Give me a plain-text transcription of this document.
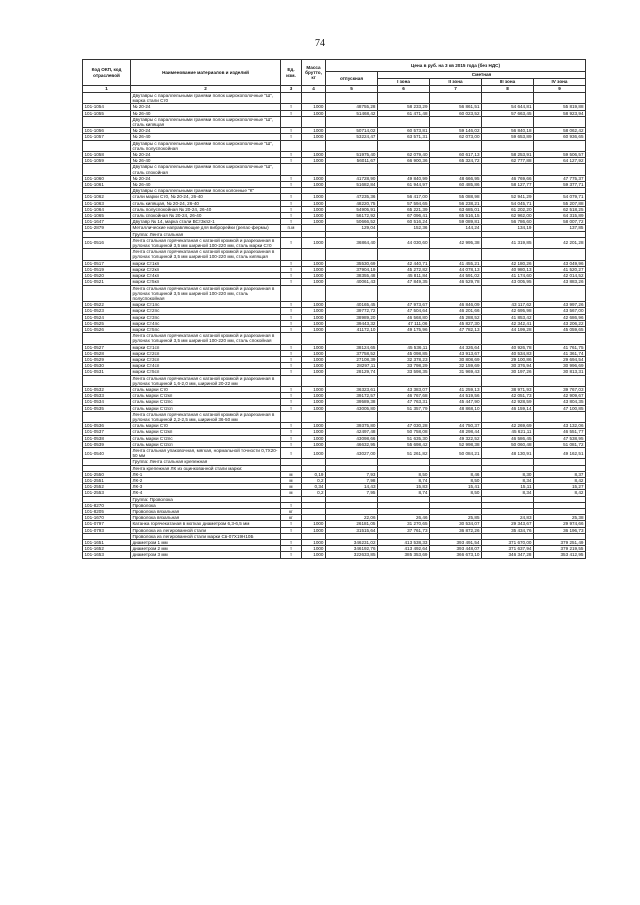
74
Код ОКП, код отраслевой	Наименование материалов и изделий	Ед. изм.	Масса брутто, кг	Цена в руб. на 3 кв 2015 года (без НДС)				
				отпускная	Сметная			
					I зона	II зона	III зона	IV зона
1	2	3	4	5	6	7	8	9
	Двутавры с параллельными гранями полок широкополочные "Ш", марка стали Ст0							
101-1054	№ 20-24	т	1000	48755,28	58 233,29	56 861,51	54 644,81	55 819,88
101-1055	№ 26-40	т	1000	51468,42	61 471,48	60 023,52	57 663,45	58 923,94
	Двутавры с параллельными гранями полок широкополочные "Ш", сталь кипящая							
101-1056	№ 20-24	т	1000	50714,02	60 573,81	59 146,02	56 840,18	58 062,42
101-1057	№ 26-40	т	1000	53224,47	63 571,31	62 073,00	59 653,89	60 936,65
	Двутавры с параллельными гранями полок широкополочные "Ш", сталь полуспокойная							
101-1058	№ 20-24	т	1000	51975,40	62 079,40	60 617,13	58 253,91	59 506,57
101-1059	№ 26-40	т	1000	56011,67	66 900,36	65 324,72	62 777,88	64 127,92
	Двутавры с параллельными гранями полок широкополочные "Ш", сталь спокойная							
101-1060	№ 20-24	т	1000	41728,90	49 840,99	48 666,95	46 769,66	47 775,37
101-1061	№ 26-40	т	1000	51682,84	61 944,97	60 485,86	58 127,77	59 377,71
	Двутавры с параллельными гранями полок колонные "К"							
101-1062	стали марки Ст0, № 20-24, 26-40	т	1000	47235,36	56 417,00	55 088,98	52 941,29	54 079,71
101-1063	сталь кипящая, № 20-24, 26-40	т	1000	48220,75	57 594,65	56 238,21	54 045,71	55 207,88
101-1064	сталь полуспокойная № 20-24, 26-40	т	1000	54905,91	65 221,39	63 685,01	61 202,20	62 518,25
101-1065	сталь спокойная № 20-24, 26-40	т	1000	56172,92	67 096,41	65 516,15	62 962,00	64 315,89
101-1647	Двутавр № 14, марка стали ВСт3кп2-1	т	1000	50666,52	60 516,24	59 089,81	56 786,60	58 007,72
101-2879	Металлические направляющие для виброрейки (релас-фермы)	п.м		129,04	152,36	144,24	134,19	137,85
	Группа: Лента стальная							
101-0516	Лента стальная горячекатаная с катаной кромкой и разрезанная в рулонах толщиной 3,5 мм шириной 100-220 мм, сталь марки Ст0	т	1000	36864,40	44 030,60	42 995,38	41 319,85	42 201,28
	Лента стальная горячекатаная с катаной кромкой и разрезанная в рулонах толщиной 3,5 мм шириной 100-220 мм, сталь кипящая							
101-0517	марки Ст1кп	т	1000	35530,69	42 440,71	41 455,21	42 180,26	43 049,96
101-0519	марки Ст2кп	т	1000	37904,19	45 272,82	44 078,13	40 980,13	41 520,27
101-0520	марки Ст4кп	т	1000	38355,48	45 811,84	44 591,02	41 174,60	42 014,52
101-0521	марки Ст5кп	т	1000	40061,43	47 849,35	46 529,78	43 005,95	43 883,26
	Лента стальная горячекатаная с катаной кромкой и разрезанная в рулонах толщиной 3,5 мм шириной 100-220 мм, сталь полуспокойная							
101-0522	марки Ст1пс	т	1000	40165,45	47 973,67	46 846,09	43 117,62	43 997,26
101-0523	марки Ст2пс	т	1000	39772,72	47 504,64	46 201,66	42 695,98	43 567,00
101-0524	марки Ст3пс	т	1000	38989,20	46 568,80	45 288,52	41 853,42	42 686,96
101-0525	марки Ст4пс	т	1000	39443,32	47 111,06	45 827,30	42 342,41	43 206,22
101-0526	марки Ст5пс	т	1000	41172,10	49 175,96	47 782,13	44 199,28	45 059,65
	Лента стальная горячекатаная с катаной кромкой и разрезанная в рулонах толщиной 3,5 мм шириной 100-220 мм, сталь спокойная							
101-0527	марки Ст1сп	т	1000	38124,65	45 536,11	44 326,64	40 926,78	41 761,75
101-0528	марки Ст2сп	т	1000	37758,52	45 098,85	43 913,67	40 534,83	41 361,74
101-0529	марки Ст3сп	т	1000	27108,39	32 378,23	30 808,69	29 100,86	29 694,54
101-0530	марки Ст4сп	т	1000	28297,11	33 798,29	32 159,69	30 376,94	30 996,69
101-0531	марки Ст5сп	т	1000	28129,74	33 598,35	31 969,43	30 197,26	30 813,31
	Лента стальная горячекатаная с катаной кромкой и разрезанная в рулонах толщиной 1,6-2,0 мм, шириной 20-22 мм							
101-0532	сталь марки Ст0	т	1000	36323,61	43 383,07	41 259,13	38 971,93	39 767,03
101-0533	сталь марки Ст2кп	т	1000	39172,57	46 767,68	44 519,56	42 051,73	42 909,67
101-0534	сталь марки Ст2пс	т	1000	39589,38	47 763,31	45 447,90	42 928,59	43 804,35
101-0535	сталь марки Ст2сп	т	1000	43005,80	51 357,79	48 868,10	46 159,14	47 100,85
	Лента стальная горячекатаная с катаной кромкой и разрезанная в рулонах толщиной 2,2-2,5 мм, шириной 36-50 мм							
101-0536	сталь марки Ст0	т	1000	39375,80	47 030,28	44 750,37	42 269,69	43 132,06
101-0537	сталь марки Ст2кп	т	1000	42497,48	50 758,08	48 298,44	45 621,11	46 551,77
101-0538	сталь марки Ст2пс	т	1000	43098,66	51 635,30	49 322,52	46 586,45	47 538,95
101-0539	сталь марки Ст2сп	т	1000	46632,95	55 698,42	52 998,38	50 060,48	51 081,72
101-0540	Лента стальная упаковочная, мягкая, нормальной точности 0,7Х20-50 мм	т	1000	43027,00	51 261,82	50 084,21	48 130,91	49 162,51
	Группа: Лента стальная крепежная							
	Лента крепежная ЛК из оцинкованной стали марки:							
101-2550	ЛК-1	м	0,19	7,93	8,50	8,46	8,30	8,37
101-2551	ЛК-2	м	0,2	7,98	8,74	8,50	8,34	8,42
101-2552	ЛК-3	м	0,34	14,43	15,83	15,41	15,11	15,27
101-2553	ЛК-4	м	0,2	7,95	8,74	8,50	8,34	8,42
	Группа: Проволока							
101-8270	Проволока	т						
101-8205	Проволока вязальная	кг						
101-1670	Проволока вязальная	кг		22,06	26,46	25,85	24,83	25,38
101-0797	Катанка горячекатаная в мотках диаметром 6,3-6,5 мм	т	1000	26181,05	31 270,65	30 534,07	29 343,67	29 974,66
101-0793	Проволока из легированной стали	т	1000	31515,64	37 761,73	36 872,26	35 434,76	36 196,73
	Проволока из легированной стали марки Св-07Х19Н10Б							
101-1651	диаметром 1 мм	т	1000	346231,02	413 538,33	393 491,54	371 670,00	379 251,49
101-1652	диаметром 2 мм	т	1000	346192,76	413 492,64	393 448,07	371 637,94	379 219,55
101-1653	диаметром 3 мм	т	1000	322633,85	385 353,69	366 673,10	346 347,28	353 412,95
